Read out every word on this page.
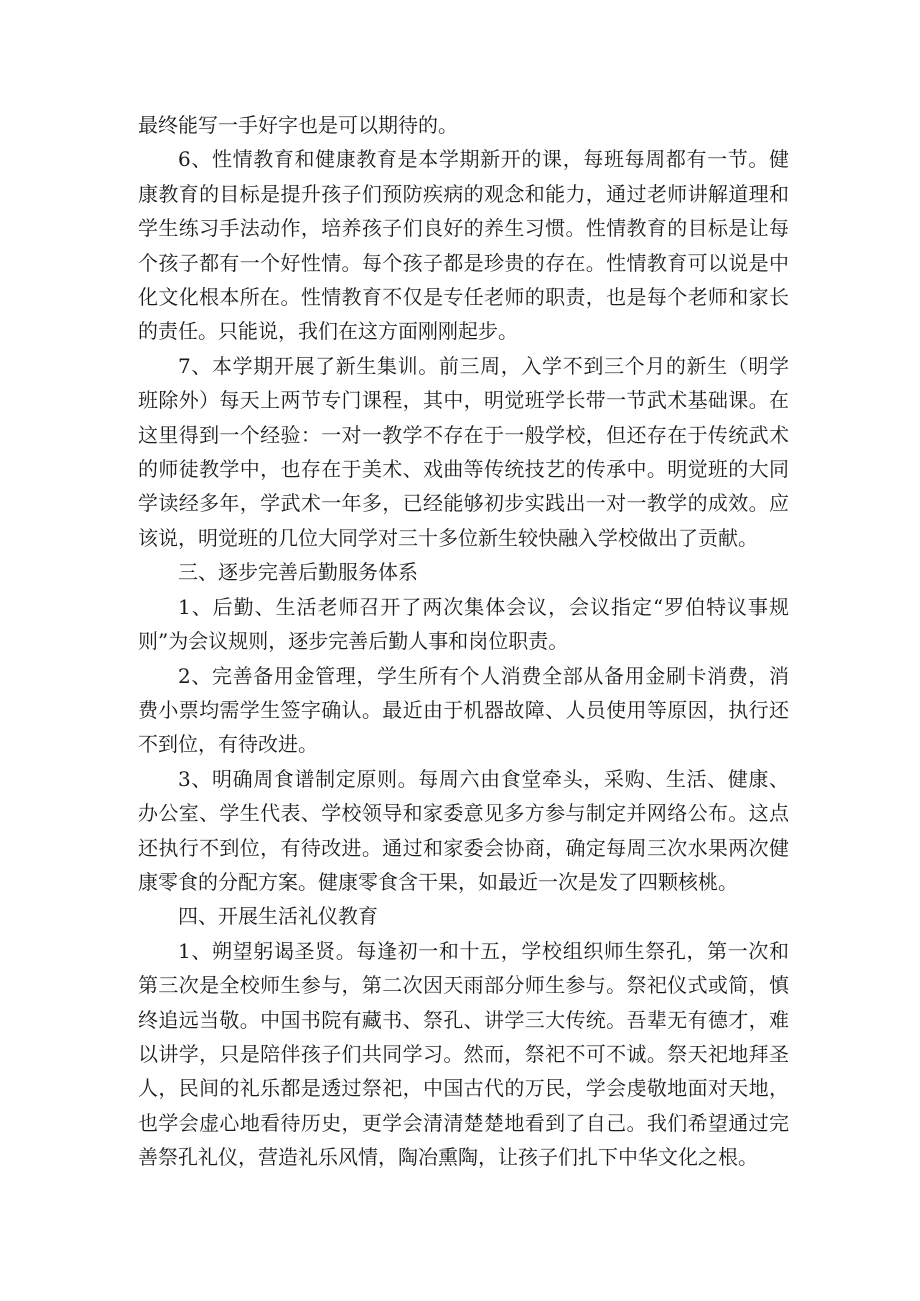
最终能写一手好字也是可以期待的。

6、性情教育和健康教育是本学期新开的课，每班每周都有一节。健康教育的目标是提升孩子们预防疾病的观念和能力，通过老师讲解道理和学生练习手法动作，培养孩子们良好的养生习惯。性情教育的目标是让每个孩子都有一个好性情。每个孩子都是珍贵的存在。性情教育可以说是中化文化根本所在。性情教育不仅是专任老师的职责，也是每个老师和家长的责任。只能说，我们在这方面刚刚起步。

7、本学期开展了新生集训。前三周，入学不到三个月的新生（明学班除外）每天上两节专门课程，其中，明觉班学长带一节武术基础课。在这里得到一个经验：一对一教学不存在于一般学校，但还存在于传统武术的师徒教学中，也存在于美术、戏曲等传统技艺的传承中。明觉班的大同学读经多年，学武术一年多，已经能够初步实践出一对一教学的成效。应该说，明觉班的几位大同学对三十多位新生较快融入学校做出了贡献。

三、逐步完善后勤服务体系

1、后勤、生活老师召开了两次集体会议，会议指定“罗伯特议事规则”为会议规则，逐步完善后勤人事和岗位职责。

2、完善备用金管理，学生所有个人消费全部从备用金刷卡消费，消费小票均需学生签字确认。最近由于机器故障、人员使用等原因，执行还不到位，有待改进。

3、明确周食谱制定原则。每周六由食堂牵头，采购、生活、健康、办公室、学生代表、学校领导和家委意见多方参与制定并网络公布。这点还执行不到位，有待改进。通过和家委会协商，确定每周三次水果两次健康零食的分配方案。健康零食含干果，如最近一次是发了四颗核桃。

四、开展生活礼仪教育

1、朔望躬谒圣贤。每逢初一和十五，学校组织师生祭孔，第一次和第三次是全校师生参与，第二次因天雨部分师生参与。祭祀仪式或简，慎终追远当敬。中国书院有藏书、祭孔、讲学三大传统。吾辈无有德才，难以讲学，只是陪伴孩子们共同学习。然而，祭祀不可不诚。祭天祀地拜圣人，民间的礼乐都是透过祭祀，中国古代的万民，学会虔敬地面对天地，也学会虚心地看待历史，更学会清清楚楚地看到了自己。我们希望通过完善祭孔礼仪，营造礼乐风情，陶冶熏陶，让孩子们扎下中华文化之根。
